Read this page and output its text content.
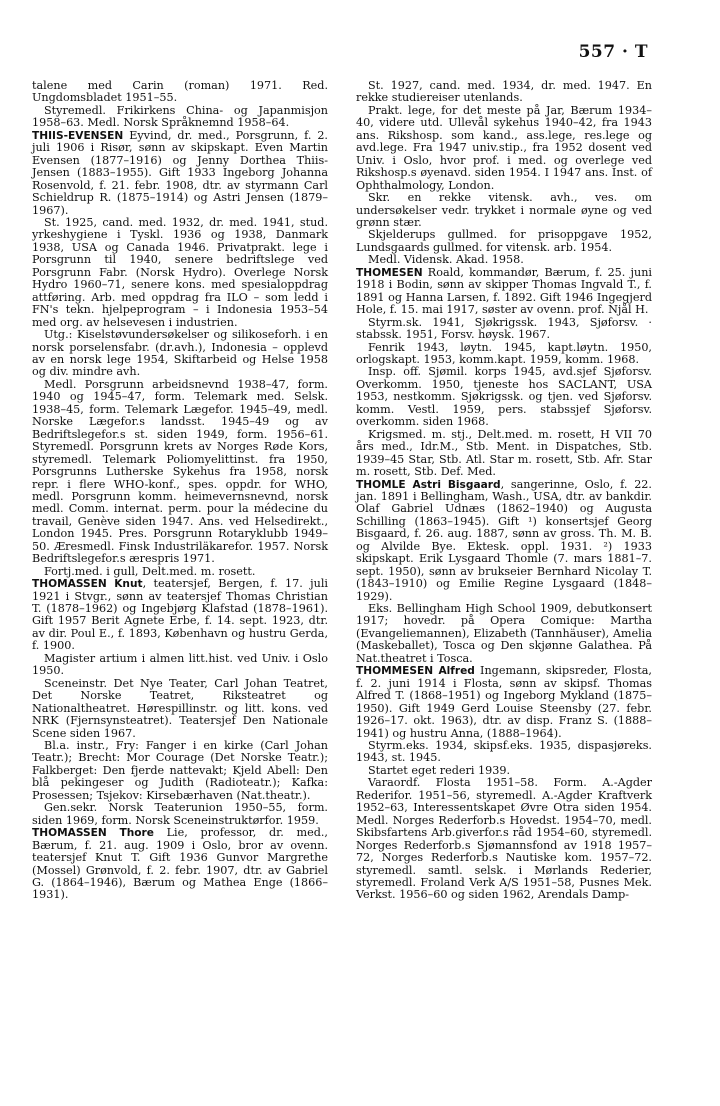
557 · T

talene med Carin (roman) 1971. Red. Ungdomsbladet 1951–55.

Styremedl. Frikirkens China- og Japanmisjon 1958–63. Medl. Norsk Språknemnd 1958–64.

THIIS-EVENSEN Eyvind, dr. med., Porsgrunn, f. 2. juli 1906 i Risør, sønn av skipskapt. Even Martin Evensen (1877–1916) og Jenny Dorthea Thiis-Jensen (1883–1955). Gift 1933 Ingeborg Johanna Rosenvold, f. 21. febr. 1908, dtr. av styrmann Carl Schieldrup R. (1875–1914) og Astri Jensen (1879–1967).

St. 1925, cand. med. 1932, dr. med. 1941, stud. yrkeshygiene i Tyskl. 1936 og 1938, Danmark 1938, USA og Canada 1946. Privatprakt. lege i Porsgrunn til 1940, senere bedriftslege ved Porsgrunn Fabr. (Norsk Hydro). Overlege Norsk Hydro 1960–71, senere kons. med spesialoppdrag attføring. Arb. med oppdrag fra ILO – som ledd i FN's tekn. hjelpeprogram – i Indonesia 1953–54 med org. av helsevesen i industrien.

Utg.: Kiselstøvundersøkelser og silikoseforh. i en norsk porselensfabr. (dr.avh.), Indonesia – opplevd av en norsk lege 1954, Skiftarbeid og Helse 1958 og div. mindre avh.

Medl. Porsgrunn arbeidsnevnd 1938–47, form. 1940 og 1945–47, form. Telemark med. Selsk. 1938–45, form. Telemark Lægefor. 1945–49, medl. Norske Lægefor.s landsst. 1945–49 og av Bedriftslegefor.s st. siden 1949, form. 1956–61. Styremedl. Porsgrunn krets av Norges Røde Kors, styremedl. Telemark Poliomyelittinst. fra 1950, Porsgrunns Lutherske Sykehus fra 1958, norsk repr. i flere WHO-konf., spes. oppdr. for WHO, medl. Porsgrunn komm. heimevernsnevnd, norsk medl. Comm. internat. perm. pour la médecine du travail, Genève siden 1947. Ans. ved Helsedirekt., London 1945. Pres. Porsgrunn Rotaryklubb 1949–50. Æresmedl. Finsk Industriläkarefor. 1957. Norsk Bedriftslegefor.s ærespris 1971.

Fortj.med. i gull, Delt.med. m. rosett.

THOMASSEN Knut, teatersjef, Bergen, f. 17. juli 1921 i Stvgr., sønn av teatersjef Thomas Christian T. (1878–1962) og Ingebjørg Klafstad (1878–1961). Gift 1957 Berit Agnete Erbe, f. 14. sept. 1923, dtr. av dir. Poul E., f. 1893, København og hustru Gerda, f. 1900.

Magister artium i almen litt.hist. ved Univ. i Oslo 1950.

Sceneinstr. Det Nye Teater, Carl Johan Teatret, Det Norske Teatret, Riksteatret og Nationaltheatret. Hørespillinstr. og litt. kons. ved NRK (Fjernsynsteatret). Teatersjef Den Nationale Scene siden 1967.

Bl.a. instr., Fry: Fanger i en kirke (Carl Johan Teatr.); Brecht: Mor Courage (Det Norske Teatr.); Falkberget: Den fjerde nattevakt; Kjeld Abell: Den blå pekingeser og Judith (Radioteatr.); Kafka: Prosessen; Tsjekov: Kirsebærhaven (Nat.theatr.).

Gen.sekr. Norsk Teaterunion 1950–55, form. siden 1969, form. Norsk Sceneinstruktørfor. 1959.

THOMASSEN Thore Lie, professor, dr. med., Bærum, f. 21. aug. 1909 i Oslo, bror av ovenn. teatersjef Knut T. Gift 1936 Gunvor Margrethe (Mossel) Grønvold, f. 2. febr. 1907, dtr. av Gabriel G. (1864–1946), Bærum og Mathea Enge (1866–1931).

St. 1927, cand. med. 1934, dr. med. 1947. En rekke studiereiser utenlands.

Prakt. lege, for det meste på Jar, Bærum 1934–40, videre utd. Ullevål sykehus 1940–42, fra 1943 ans. Rikshosp. som kand., ass.lege, res.lege og avd.lege. Fra 1947 univ.stip., fra 1952 dosent ved Univ. i Oslo, hvor prof. i med. og overlege ved Rikshosp.s øyenavd. siden 1954. I 1947 ans. Inst. of Ophthalmology, London.

Skr. en rekke vitensk. avh., ves. om undersøkelser vedr. trykket i normale øyne og ved grønn stær.

Skjelderups gullmed. for prisoppgave 1952, Lundsgaards gullmed. for vitensk. arb. 1954.

Medl. Vidensk. Akad. 1958.

THOMESEN Roald, kommandør, Bærum, f. 25. juni 1918 i Bodin, sønn av skipper Thomas Ingvald T., f. 1891 og Hanna Larsen, f. 1892. Gift 1946 Ingegjerd Hole, f. 15. mai 1917, søster av ovenn. prof. Njål H.

Styrm.sk. 1941, Sjøkrigssk. 1943, Sjøforsv. · stabssk. 1951, Forsv. høysk. 1967.

Fenrik 1943, løytn. 1945, kapt.løytn. 1950, orlogskapt. 1953, komm.kapt. 1959, komm. 1968.

Insp. off. Sjømil. korps 1945, avd.sjef Sjøforsv. Overkomm. 1950, tjeneste hos SACLANT, USA 1953, nestkomm. Sjøkrigssk. og tjen. ved Sjøforsv. komm. Vestl. 1959, pers. stabssjef Sjøforsv. overkomm. siden 1968.

Krigsmed. m. stj., Delt.med. m. rosett, H VII 70 års med., Idr.M., Stb. Ment. in Dispatches, Stb. 1939–45 Star, Stb. Atl. Star m. rosett, Stb. Afr. Star m. rosett, Stb. Def. Med.

THOMLE Astri Bisgaard, sangerinne, Oslo, f. 22. jan. 1891 i Bellingham, Wash., USA, dtr. av bankdir. Olaf Gabriel Udnæs (1862–1940) og Augusta Schilling (1863–1945). Gift ¹) konsertsjef Georg Bisgaard, f. 26. aug. 1887, sønn av gross. Th. M. B. og Alvilde Bye. Ektesk. oppl. 1931. ²) 1933 skipskapt. Erik Lysgaard Thomle (7. mars 1881–7. sept. 1950), sønn av brukseier Bernhard Nicolay T. (1843–1910) og Emilie Regine Lysgaard (1848–1929).

Eks. Bellingham High School 1909, debutkonsert 1917; hovedr. på Opera Comique: Martha (Evangeliemannen), Elizabeth (Tannhäuser), Amelia (Maskeballet), Tosca og Den skjønne Galathea. På Nat.theatret i Tosca.

THOMMESEN Alfred Ingemann, skipsreder, Flosta, f. 2. juni 1914 i Flosta, sønn av skipsf. Thomas Alfred T. (1868–1951) og Ingeborg Mykland (1875–1950). Gift 1949 Gerd Louise Steensby (27. febr. 1926–17. okt. 1963), dtr. av disp. Franz S. (1888–1941) og hustru Anna, (1888–1964).

Styrm.eks. 1934, skipsf.eks. 1935, dispasjøreks. 1943, st. 1945.

Startet eget rederi 1939.

Varaordf. Flosta 1951–58. Form. A.-Agder Rederifor. 1951–56, styremedl. A.-Agder Kraftverk 1952–63, Interessentskapet Øvre Otra siden 1954. Medl. Norges Rederforb.s Hovedst. 1954–70, medl. Skibsfartens Arb.giverfor.s råd 1954–60, styremedl. Norges Rederforb.s Sjømannsfond av 1918 1957–72, Norges Rederforb.s Nautiske kom. 1957–72. styremedl. samtl. selsk. i Mørlands Rederier, styremedl. Froland Verk A/S 1951–58, Pusnes Mek. Verkst. 1956–60 og siden 1962, Arendals Damp-
